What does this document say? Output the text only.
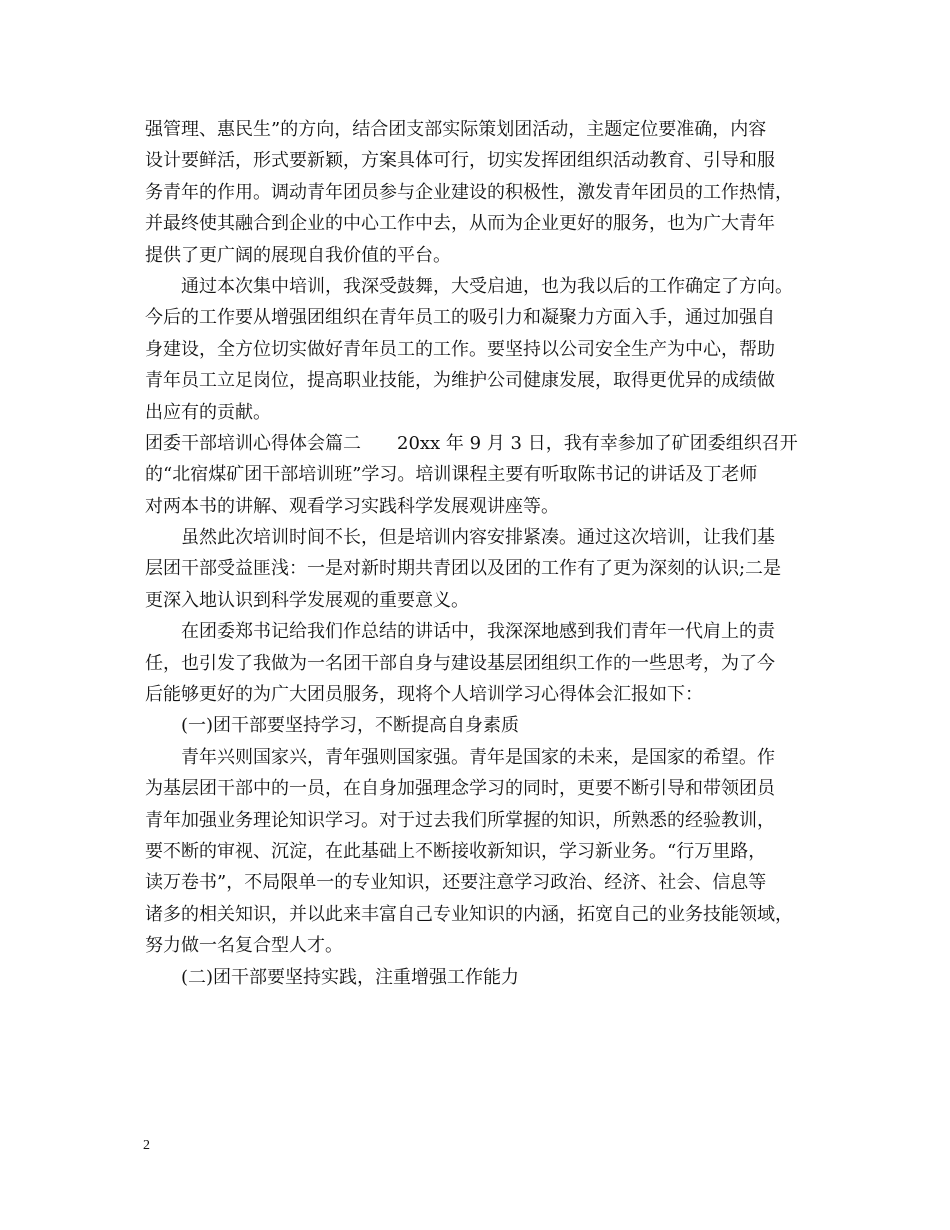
强管理、惠民生”的方向，结合团支部实际策划团活动，主题定位要准确，内容
设计要鲜活，形式要新颖，方案具体可行，切实发挥团组织活动教育、引导和服
务青年的作用。调动青年团员参与企业建设的积极性，激发青年团员的工作热情，
并最终使其融合到企业的中心工作中去，从而为企业更好的服务，也为广大青年
提供了更广阔的展现自我价值的平台。
通过本次集中培训，我深受鼓舞，大受启迪，也为我以后的工作确定了方向。
今后的工作要从增强团组织在青年员工的吸引力和凝聚力方面入手，通过加强自
身建设，全方位切实做好青年员工的工作。要坚持以公司安全生产为中心，帮助
青年员工立足岗位，提高职业技能，为维护公司健康发展，取得更优异的成绩做
出应有的贡献。
团委干部培训心得体会篇二　　20xx 年 9 月 3 日，我有幸参加了矿团委组织召开
的“北宿煤矿团干部培训班”学习。培训课程主要有听取陈书记的讲话及丁老师
对两本书的讲解、观看学习实践科学发展观讲座等。
虽然此次培训时间不长，但是培训内容安排紧凑。通过这次培训，让我们基
层团干部受益匪浅：一是对新时期共青团以及团的工作有了更为深刻的认识;二是
更深入地认识到科学发展观的重要意义。
在团委郑书记给我们作总结的讲话中，我深深地感到我们青年一代肩上的责
任，也引发了我做为一名团干部自身与建设基层团组织工作的一些思考，为了今
后能够更好的为广大团员服务，现将个人培训学习心得体会汇报如下：
(一)团干部要坚持学习，不断提高自身素质
青年兴则国家兴，青年强则国家强。青年是国家的未来，是国家的希望。作
为基层团干部中的一员，在自身加强理念学习的同时，更要不断引导和带领团员
青年加强业务理论知识学习。对于过去我们所掌握的知识，所熟悉的经验教训，
要不断的审视、沉淀，在此基础上不断接收新知识，学习新业务。“行万里路，
读万卷书”，不局限单一的专业知识，还要注意学习政治、经济、社会、信息等
诸多的相关知识，并以此来丰富自己专业知识的内涵，拓宽自己的业务技能领域，
努力做一名复合型人才。
(二)团干部要坚持实践，注重增强工作能力
2
